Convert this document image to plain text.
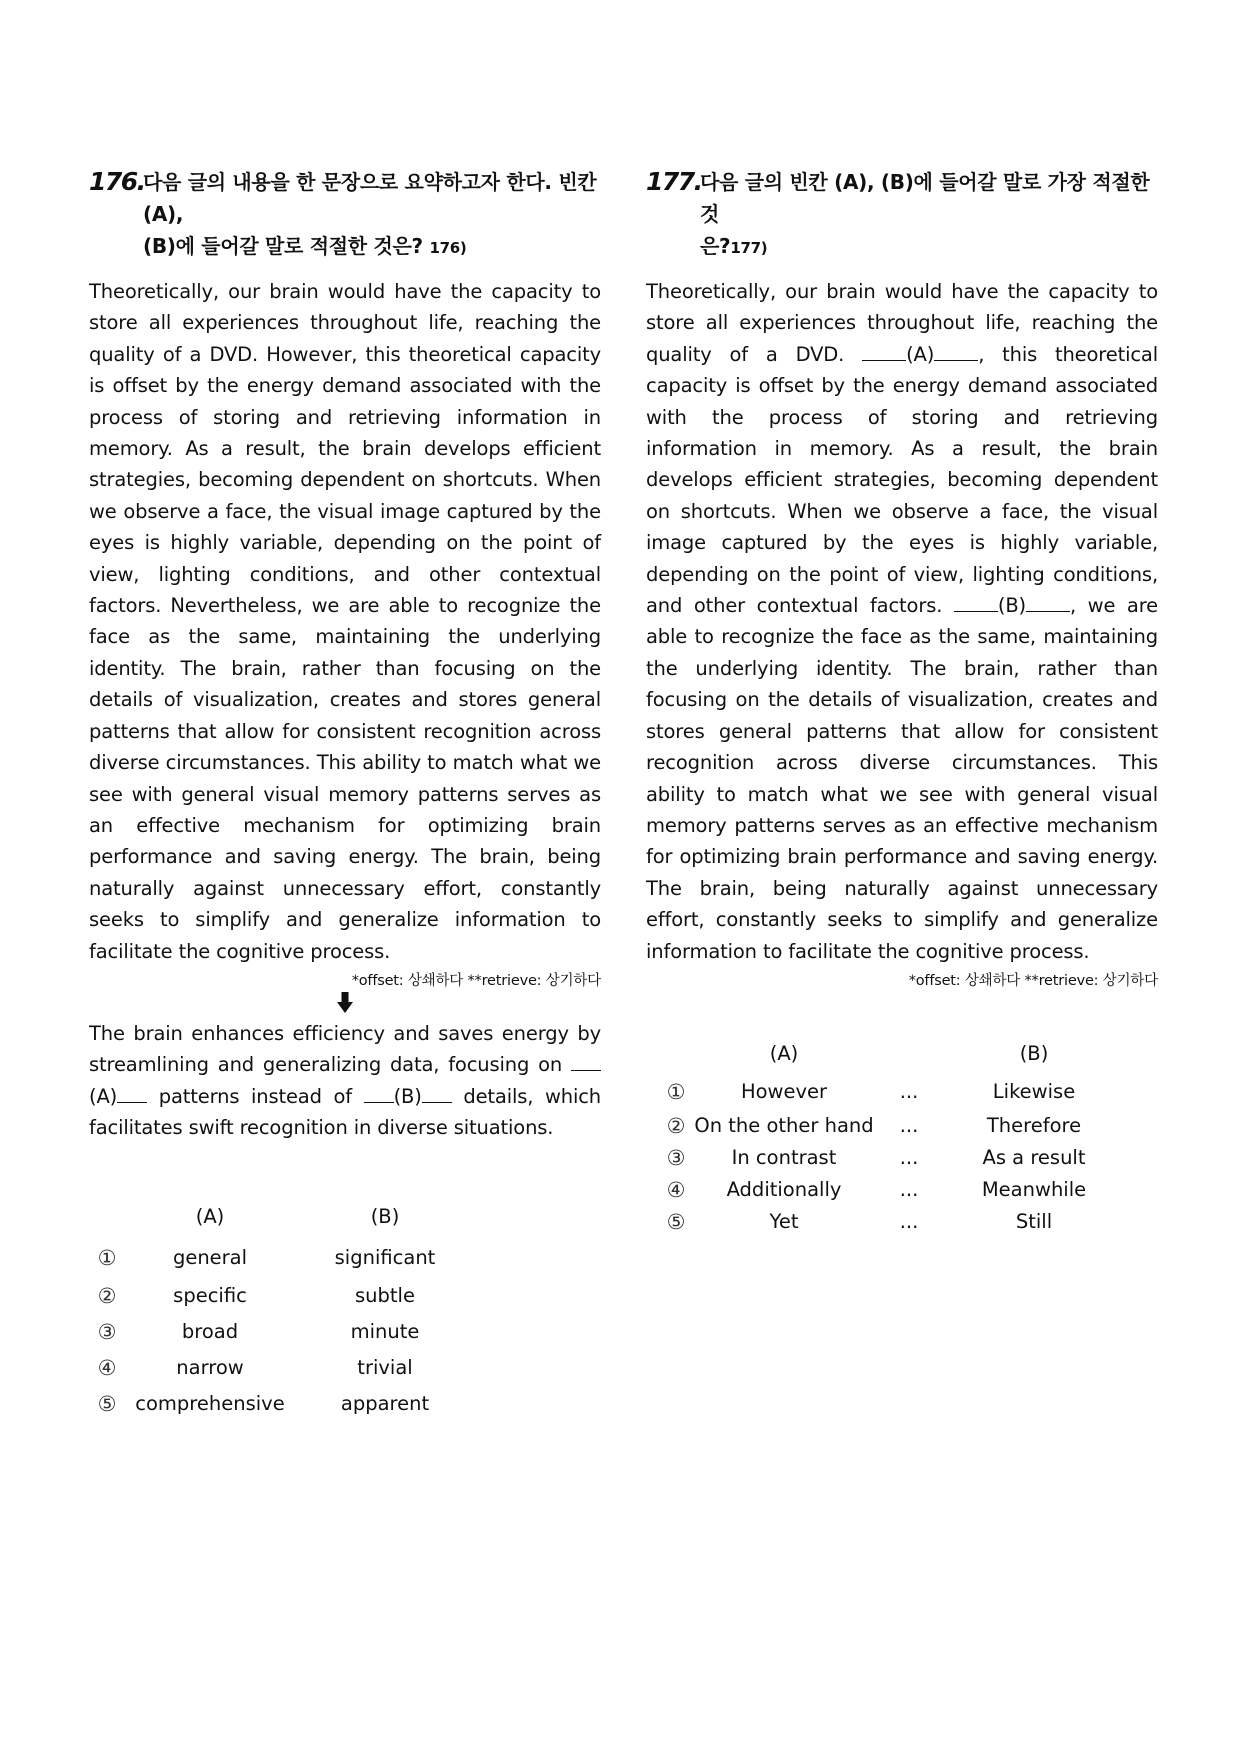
176.
다음 글의 내용을 한 문장으로 요약하고자 한다. 빈칸 (A),
(B)에 들어갈 말로 적절한 것은? 176)
Theoretically, our brain would have the capacity to store all experiences throughout life, reaching the quality of a DVD. However, this theoretical capacity is offset by the energy demand associated with the process of storing and retrieving information in memory. As a result, the brain develops efficient strategies, becoming dependent on shortcuts. When we observe a face, the visual image captured by the eyes is highly variable, depending on the point of view, lighting conditions, and other contextual factors. Nevertheless, we are able to recognize the face as the same, maintaining the underlying identity. The brain, rather than focusing on the details of visualization, creates and stores general patterns that allow for consistent recognition across diverse circumstances. This ability to match what we see with general visual memory patterns serves as an effective mechanism for optimizing brain performance and saving energy. The brain, being naturally against unnecessary effort, constantly seeks to simplify and generalize information to facilitate the cognitive process.
*offset: 상쇄하다 **retrieve: 상기하다
The brain enhances efficiency and saves energy by streamlining and generalizing data, focusing on (A) patterns instead of (B) details, which facilitates swift recognition in diverse situations.
	(A)	(B)
①	general	significant
②	specific	subtle
③	broad	minute
④	narrow	trivial
⑤	comprehensive	apparent
177.
다음 글의 빈칸 (A), (B)에 들어갈 말로 가장 적절한 것
은?177)
Theoretically, our brain would have the capacity to store all experiences throughout life, reaching the quality of a DVD. (A) , this theoretical capacity is offset by the energy demand associated with the process of storing and retrieving information in memory. As a result, the brain develops efficient strategies, becoming dependent on shortcuts. When we observe a face, the visual image captured by the eyes is highly variable, depending on the point of view, lighting conditions, and other contextual factors. (B) , we are able to recognize the face as the same, maintaining the underlying identity. The brain, rather than focusing on the details of visualization, creates and stores general patterns that allow for consistent recognition across diverse circumstances. This ability to match what we see with general visual memory patterns serves as an effective mechanism for optimizing brain performance and saving energy. The brain, being naturally against unnecessary effort, constantly seeks to simplify and generalize information to facilitate the cognitive process.
*offset: 상쇄하다 **retrieve: 상기하다
	(A)		(B)
①	However	...	Likewise
②	On the other hand	...	Therefore
③	In contrast	...	As a result
④	Additionally	...	Meanwhile
⑤	Yet	...	Still
